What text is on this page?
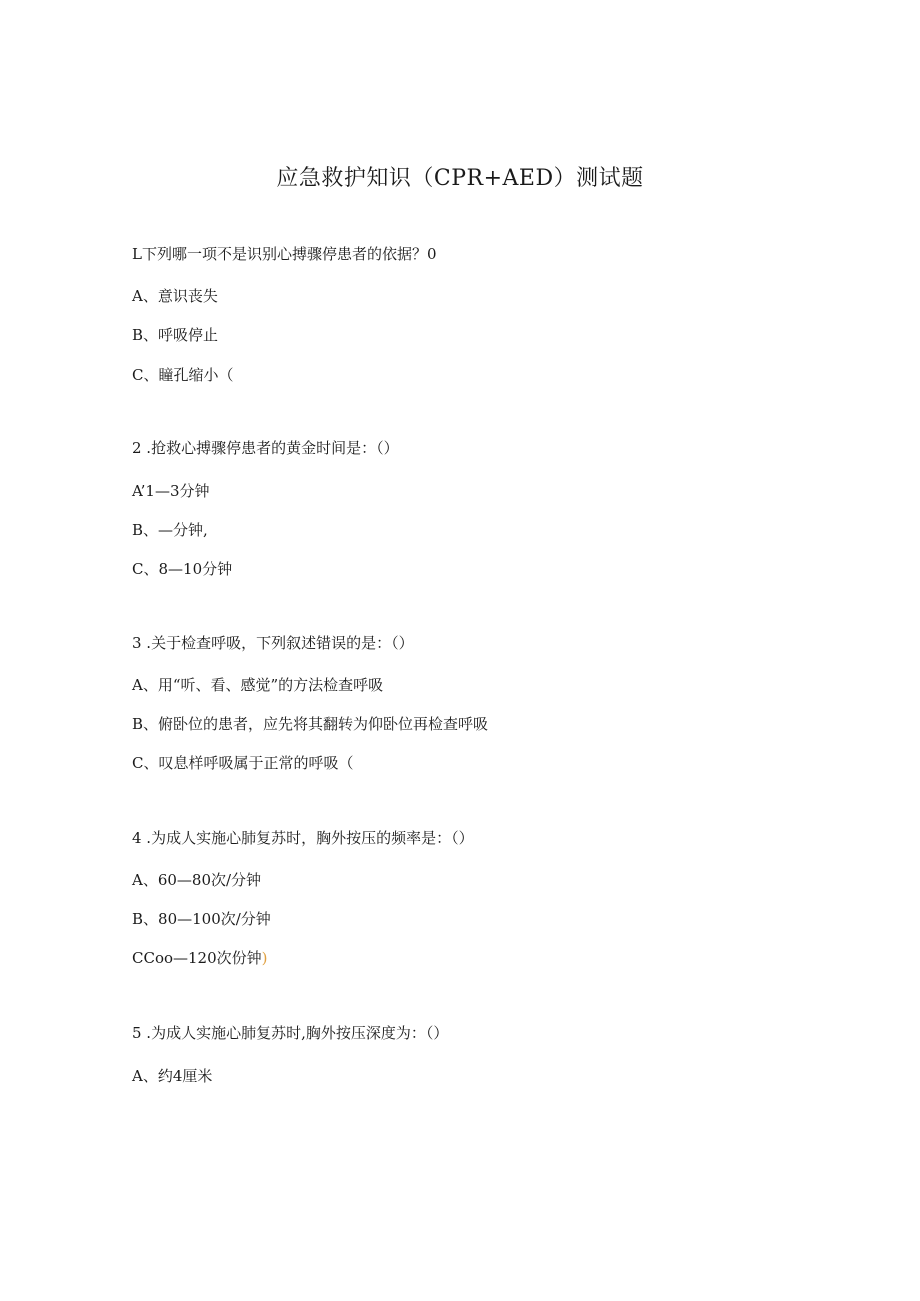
应急救护知识（CPR+AED）测试题
L下列哪一项不是识别心搏骤停患者的依据？0
A、意识丧失
B、呼吸停止
C、瞳孔缩小（
2 .抢救心搏骤停患者的黄金时间是：（）
A’1—3分钟
B、—分钟,
C、8—10分钟
3 .关于检查呼吸，下列叙述错误的是：（）
A、用“听、看、感觉”的方法检查呼吸
B、俯卧位的患者，应先将其翻转为仰卧位再检查呼吸
C、叹息样呼吸属于正常的呼吸（
4 .为成人实施心肺复苏时，胸外按压的频率是：（）
A、60—80次/分钟
B、80—100次/分钟
CCoo—120次份钟)
5 .为成人实施心肺复苏时,胸外按压深度为：（）
A、约4厘米
